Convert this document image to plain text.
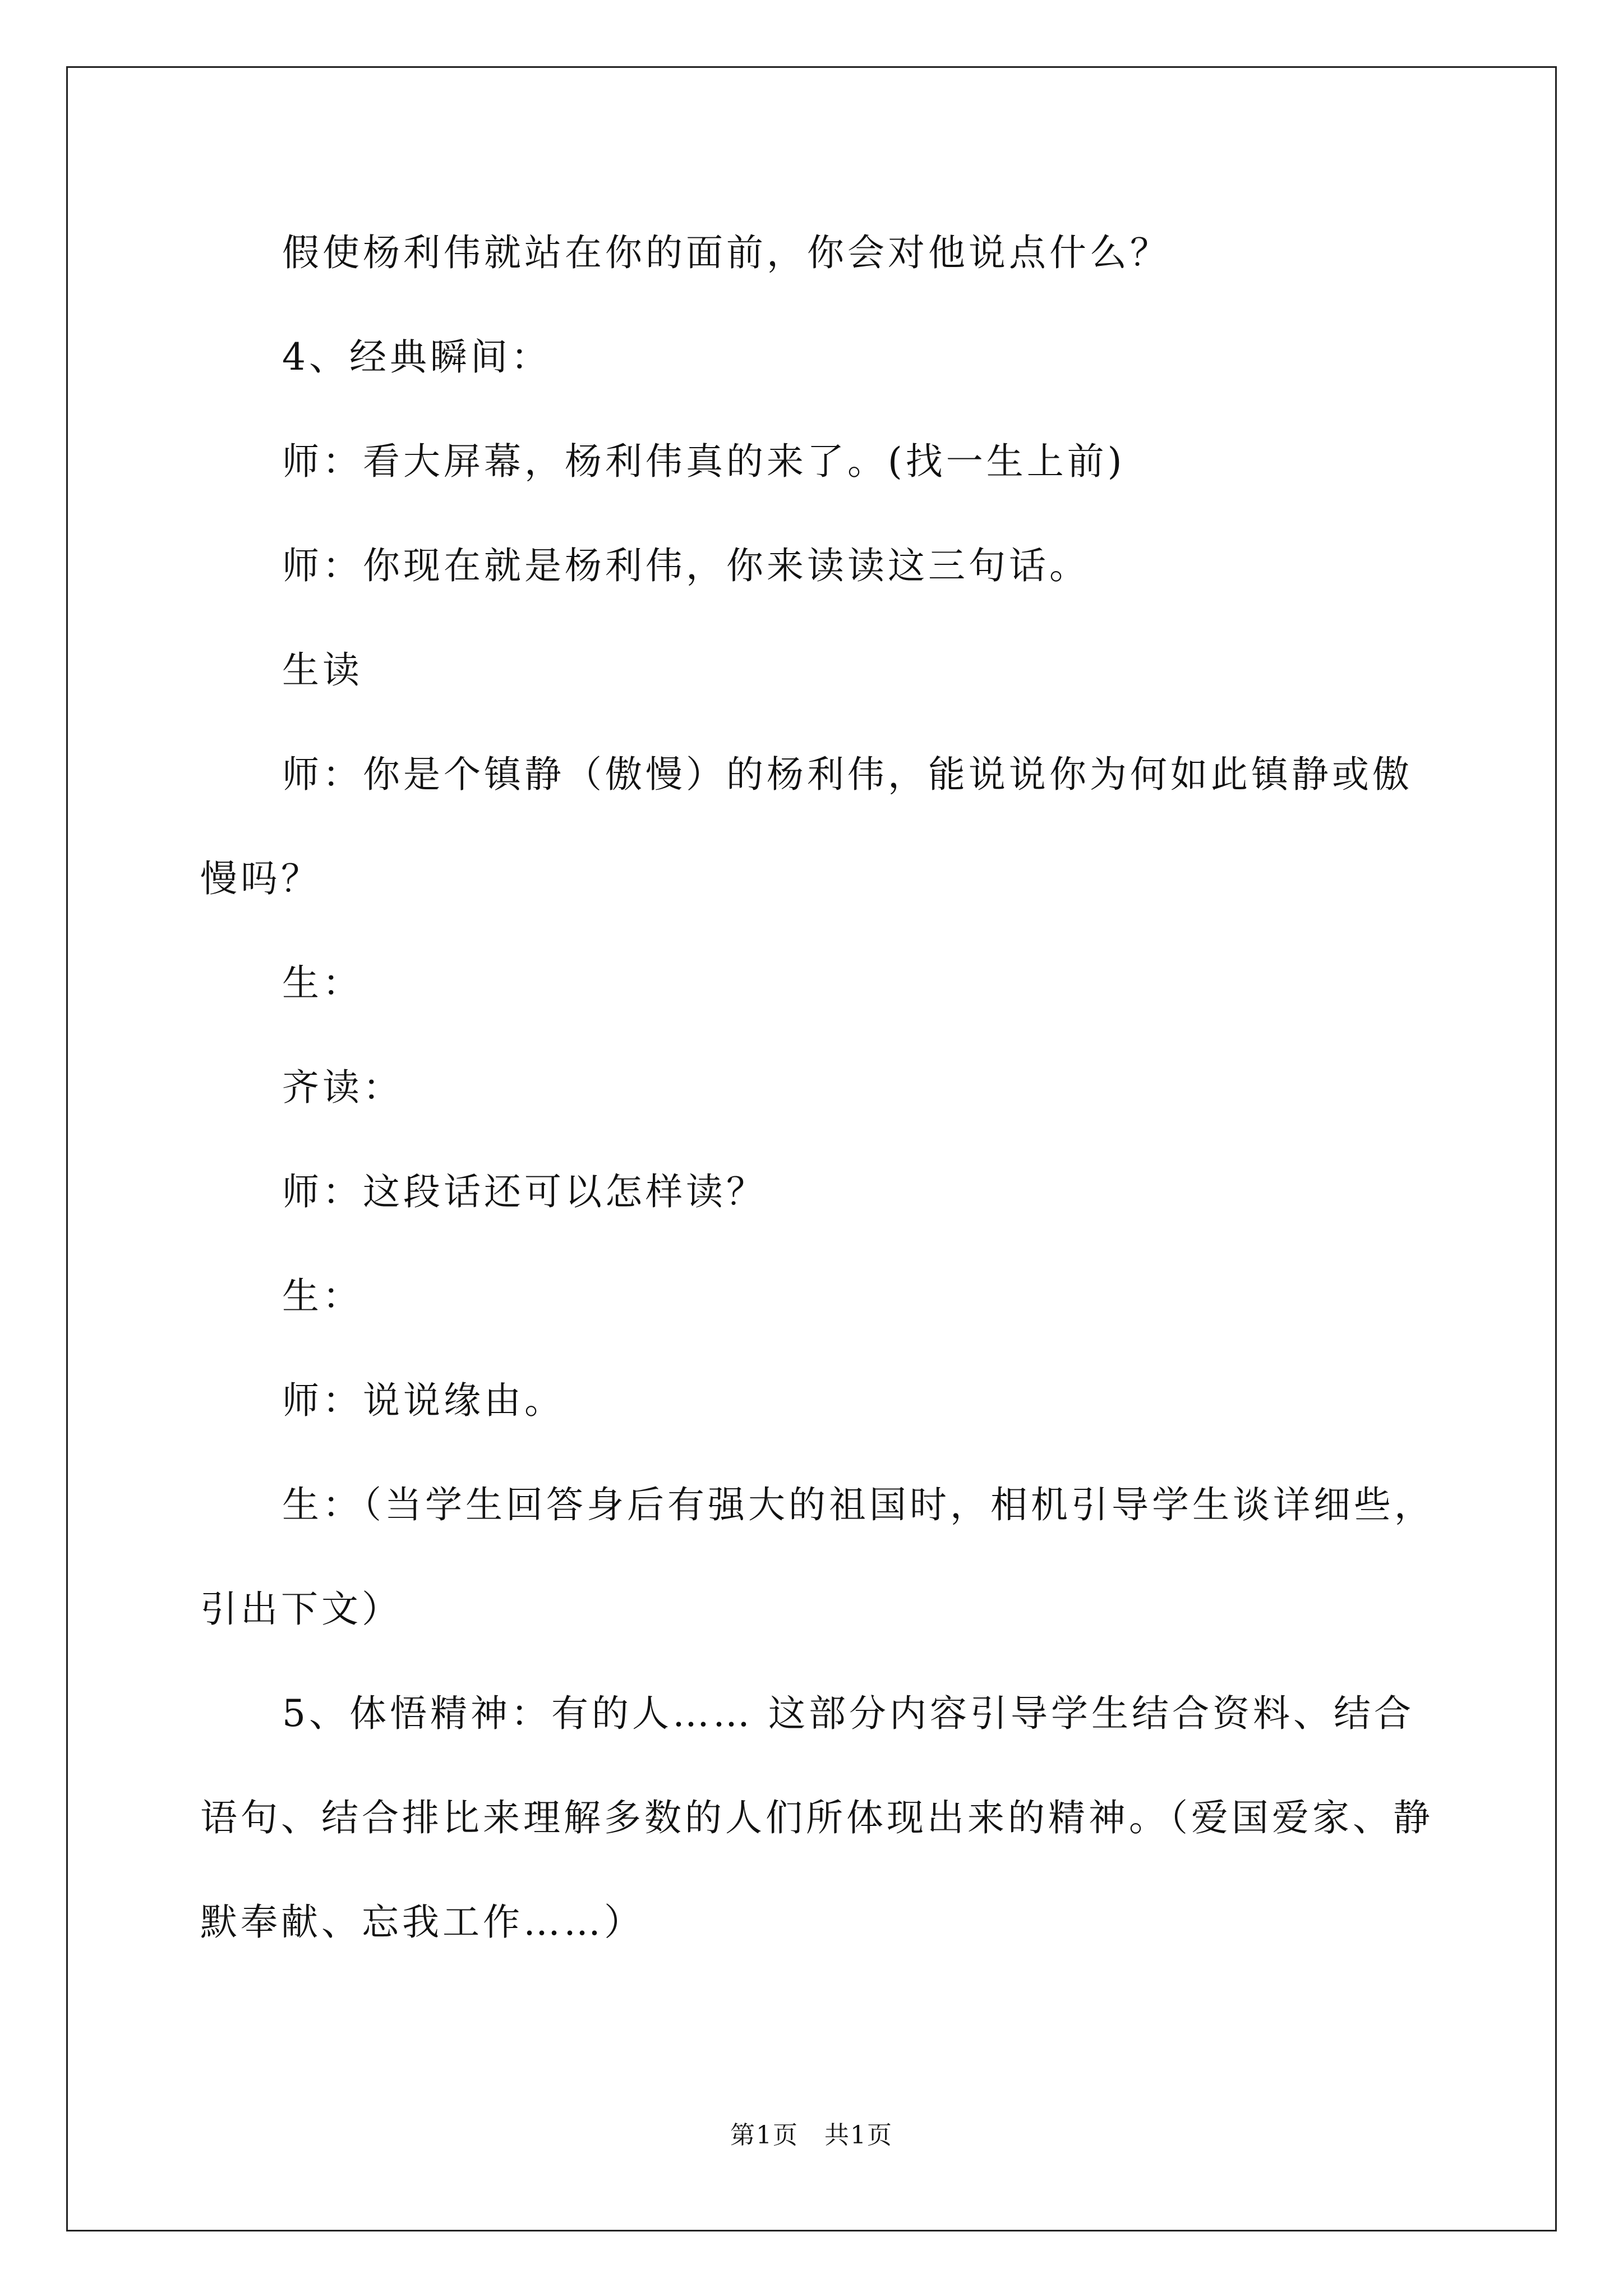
假使杨利伟就站在你的面前，你会对他说点什么？
4、经典瞬间：
师：看大屏幕，杨利伟真的来了。(找一生上前)
师：你现在就是杨利伟，你来读读这三句话。
生读
师：你是个镇静（傲慢）的杨利伟，能说说你为何如此镇静或傲
慢吗？
生：
齐读：
师：这段话还可以怎样读？
生：
师：说说缘由。
生：（当学生回答身后有强大的祖国时，相机引导学生谈详细些，
引出下文）
5、体悟精神：有的人…… 这部分内容引导学生结合资料、结合
语句、结合排比来理解多数的人们所体现出来的精神。（爱国爱家、静
默奉献、忘我工作……）
第1页　共1页
